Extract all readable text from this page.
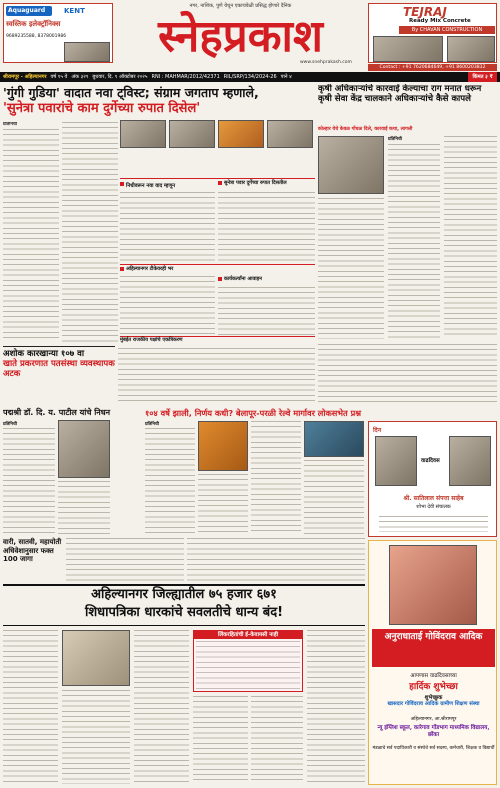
Aquaguard	KENT
स्वस्तिक इलेक्ट्रॉनिक्स
9689235588, 8378001986	स्नेहप्रकाश
नगर, नाशिक, पुणे येथून एकाचवेळी प्रसिद्ध होणारे दैनिक
www.snehprakash.com
TEJRAJ
Ready Mix Concrete
By CHAVAN CONSTRUCTION
Contact : +91 7620684649, +91 8600203832
श्रीरामपूर - अहिल्यानगर वर्ष १५ वे अंक ३२९ बुधवार, दि. १ ऑक्टोबर २०२५ RNI : MAHMAR/2012/42371 RIL/SRP/134/2024-26 पाने ४	किंमत ३ ₹
'गुंगी गुडिया' वादात नवा ट्विस्ट; संग्राम जगताप म्हणाले,
'सुनेत्रा पवारांचे काम दुर्गेच्या रुपात दिसेल'
प्रतिनिधी
निधीवरून नवा वाद म्हणून	सुनेत्रा पवार दुर्गेच्या रुपात दिसतील
अहिल्यानगर टीकेवरही भर
कार्यकर्त्यांना आवाहन
मुंबईत राजकीय पक्षांचे एकत्रिकरण
कृषी अधिकाऱ्यांचे कारवाई केल्याचा राग मनात धरून कृषी सेवा केंद्र चालकाने अधिकाऱ्यांचे कैसे कापले
कोल्हार येथे केवळ गोंधळ दिले, कारवाई कथा, लागली
प्रतिनिधी
अशोक कारखान्या १०७ वा
खाते प्रकरणात पतसंस्था व्यवस्थापक अटक
१०४ वर्षे झाली, निर्णय कधी? बेलापूर-परळी रेल्वे मार्गावर लोकसभेत प्रश्न
पद्मश्री डॉ. दि. य. पाटील यांचे निधन
प्रतिनिधी	प्रतिनिधी
दिन
वाढदिवस
श्री. सातिलाल संपत्ता साहेब
शोभा देवी संचालक
वारी, सातवी, महायोती अधिवेशानुसार फक्त 100 जागा
अहिल्यानगर जिल्ह्यातील ७५ हजार ६७१
शिधापत्रिका धारकांचे सवलतीचे धान्य बंद!
लिंकरहितांची ई-केवायसी नाही	अनुराधाताई गोविंदराव आदिक
आपणास वाढदिवसाच्या
हार्दिक शुभेच्छा
शुभेच्छुक
खासदार गोविंदराव आदिक ग्रामीण शिक्षण संस्था
अहिल्यानगर, आ.श्रीरामपूर
न्यू इंग्लिश स्कूल, कारेगाव गोंडभाग माध्यमिक विद्यालय, छोंका
मंडळाचे सर्व पदाधिकारी व संस्थेचे सर्व सदस्य, कर्मचारी, शिक्षक व विद्यार्थी
